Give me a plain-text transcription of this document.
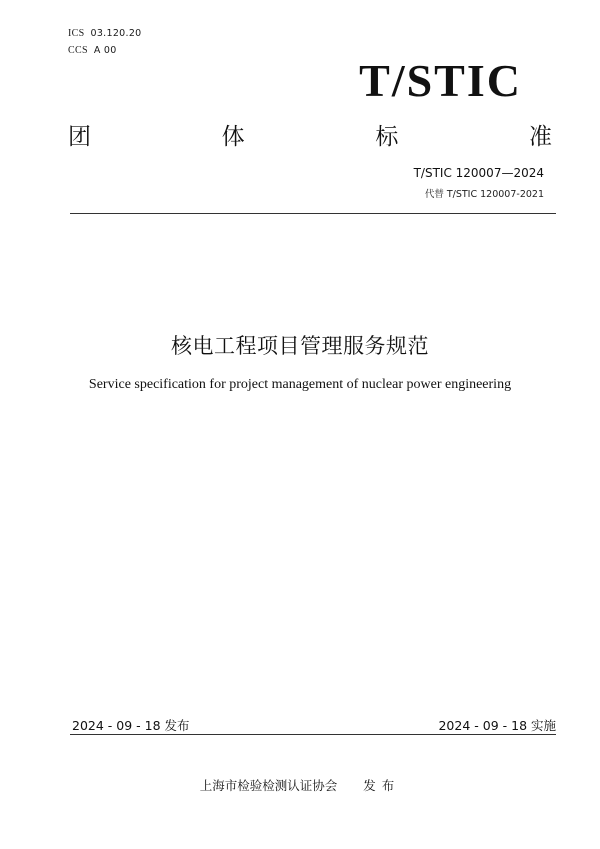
ICS 03.120.20
CCS A 00
T/STIC
团	体	标	准
T/STIC 120007—2024
代替 T/STIC 120007-2021
核电工程项目管理服务规范
Service specification for project management of nuclear power engineering
2024 - 09 - 18 发布	2024 - 09 - 18 实施
上海市检验检测认证协会 发布
